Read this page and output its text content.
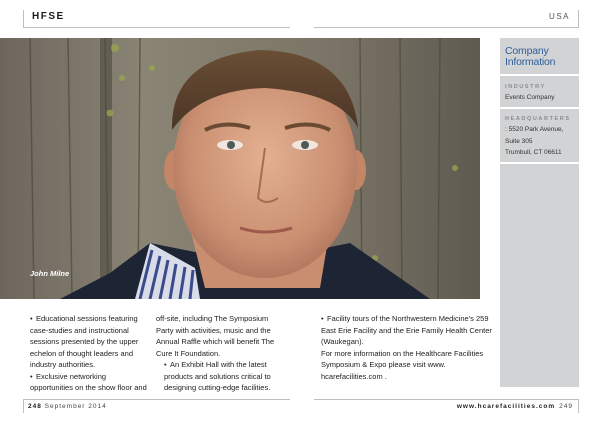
HFSE	USA
John Milne
Company
Information
INDUSTRY
Events Company
HEADQUARTERS
: 5520 Park Avenue,
Suite 305
Trumbull, CT 06611
• Educational sessions featuring case-studies and instructional sessions presented by the upper echelon of thought leaders and industry authorities.
• Exclusive networking opportunities on the show floor and
off-site, including The Symposium Party with activities, music and the Annual Raffle which will benefit The Cure It Foundation.
• An Exhibit Hall with the latest products and solutions critical to designing cutting-edge facilities.
• Facility tours of the Northwestern Medicine's 259 East Erie Facility and the Erie Family Health Center (Waukegan).
For more information on the Healthcare Facilities Symposium & Expo please visit www. hcarefacilities.com .
248 September 2014	www.hcarefacilities.com 249
